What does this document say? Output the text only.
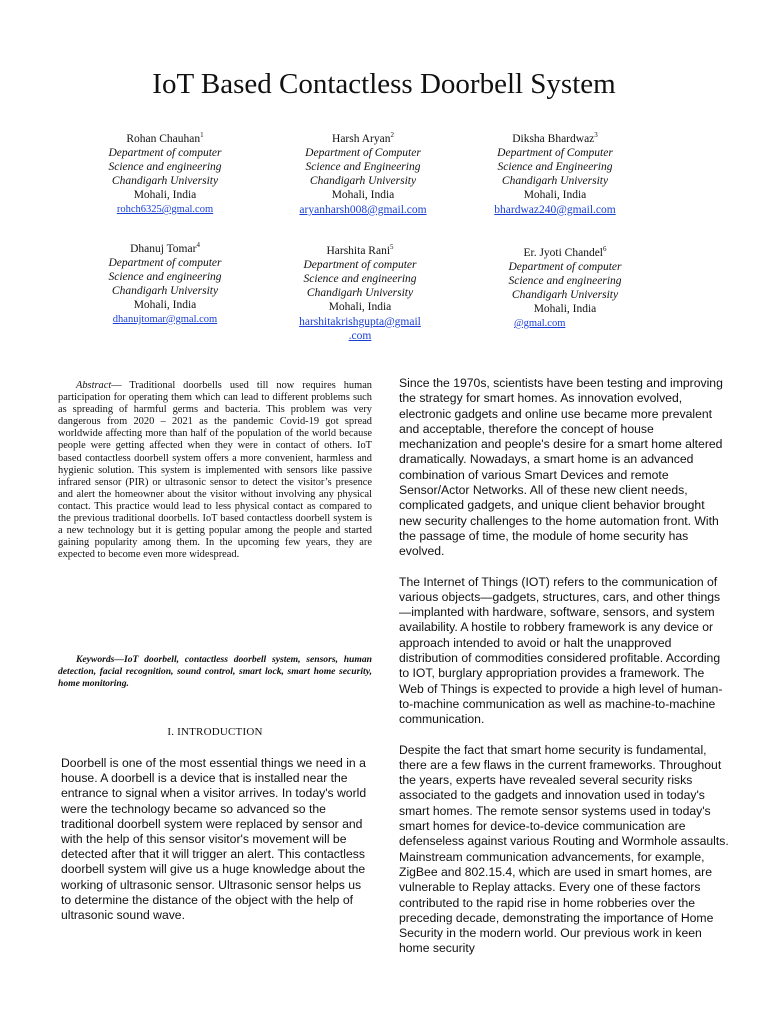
IoT Based Contactless Doorbell System
Rohan Chauhan$^1$
Department of computer
Science and engineering
Chandigarh University
Mohali, India
rohch6325@gmal.com
Harsh Aryan$^2$
Department of Computer
Science and Engineering
Chandigarh University
Mohali, India
aryanharsh008@gmail.com
Diksha Bhardwaz$^3$
Department of Computer
Science and Engineering
Chandigarh University
Mohali, India
bhardwaz240@gmail.com
Dhanuj Tomar$^4$
Department of computer
Science and engineering
Chandigarh University
Mohali, India
dhanujtomar@gmal.com
Harshita Rani$^5$
Department of computer
Science and engineering
Chandigarh University
Mohali, India
harshitakrishgupta@gmail
.com
Er. Jyoti Chandel$^6$
Department of computer
Science and engineering
Chandigarh University
Mohali, India
@gmal.com
Abstract— Traditional doorbells used till now requires human participation for operating them which can lead to different problems such as spreading of harmful germs and bacteria. This problem was very dangerous from 2020 – 2021 as the pandemic Covid-19 got spread worldwide affecting more than half of the population of the world because people were getting affected when they were in contact of others. IoT based contactless doorbell system offers a more convenient, harmless and hygienic solution. This system is implemented with sensors like passive infrared sensor (PIR) or ultrasonic sensor to detect the visitor’s presence and alert the homeowner about the visitor without involving any physical contact. This practice would lead to less physical contact as compared to the previous traditional doorbells. IoT based contactless doorbell system is a new technology but it is getting popular among the people and started gaining popularity among them. In the upcoming few years, they are expected to become even more widespread.
Keywords—IoT doorbell, contactless doorbell system, sensors, human detection, facial recognition, sound control, smart lock, smart home security, home monitoring.
I. INTRODUCTION
Doorbell is one of the most essential things we need in a house. A doorbell is a device that is installed near the entrance to signal when a visitor arrives. In today's world were the technology became so advanced so the traditional doorbell system were replaced by sensor and with the help of this sensor visitor's movement will be detected after that it will trigger an alert. This contactless doorbell system will give us a huge knowledge about the working of ultrasonic sensor. Ultrasonic sensor helps us to determine the distance of the object with the help of ultrasonic sound wave.

Since the 1970s, scientists have been testing and improving the strategy for smart homes. As innovation evolved, electronic gadgets and online use became more prevalent and acceptable, therefore the concept of house mechanization and people's desire for a smart home altered dramatically. Nowadays, a smart home is an advanced combination of various Smart Devices and remote Sensor/Actor Networks. All of these new client needs, complicated gadgets, and unique client behavior brought new security challenges to the home automation front. With the passage of time, the module of home security has evolved.

The Internet of Things (IOT) refers to the communication of various objects—gadgets, structures, cars, and other things—implanted with hardware, software, sensors, and system availability. A hostile to robbery framework is any device or approach intended to avoid or halt the unapproved distribution of commodities considered profitable. According to IOT, burglary appropriation provides a framework. The Web of Things is expected to provide a high level of human-to-machine communication as well as machine-to-machine communication.

Despite the fact that smart home security is fundamental, there are a few flaws in the current frameworks. Throughout the years, experts have revealed several security risks associated to the gadgets and innovation used in today's smart homes. The remote sensor systems used in today's smart homes for device-to-device communication are defenseless against various Routing and Wormhole assaults. Mainstream communication advancements, for example, ZigBee and 802.15.4, which are used in smart homes, are vulnerable to Replay attacks. Every one of these factors contributed to the rapid rise in home robberies over the preceding decade, demonstrating the importance of Home Security in the modern world. Our previous work in keen home security
